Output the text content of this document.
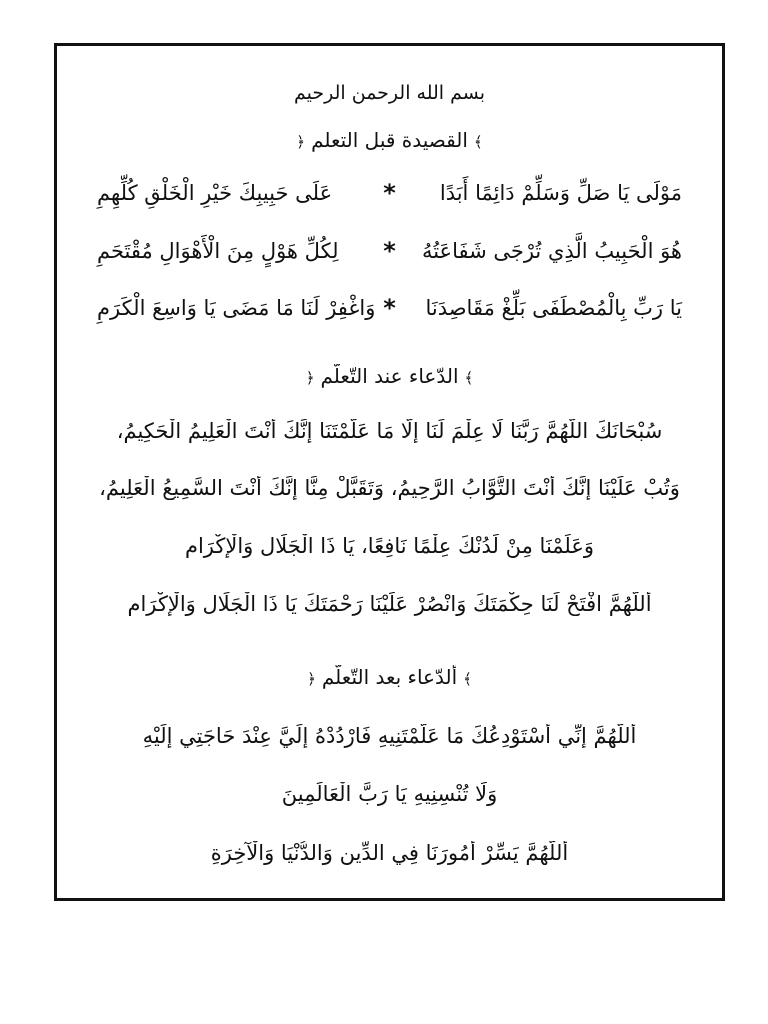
بسم الله الرحمن الرحيم
﴾القصيدة قبل التعلم﴿
مَوْلَى يَا صَلِّ وَسَلِّمْ دَائِمًا أَبَدًا
*
عَلَى حَبِيبِكَ خَيْرِ الْخَلْقِ كُلِّهِمِ
هُوَ الْحَبِيبُ الَّذِي تُرْجَى شَفَاعَتُهُ
*
لِكُلِّ هَوْلٍ مِنَ الْأَهْوَالِ مُقْتَحَمِ
يَا رَبِّ بِالْمُصْطَفَى بَلِّغْ مَقَاصِدَنَا
*
وَاغْفِرْ لَنَا مَا مَضَى يَا وَاسِعَ الْكَرَمِ
﴾الدّعاء عند التّعلّم﴿
سُبْحَانَكَ اللَّهُمَّ رَبَّنَا لَا عِلْمَ لَنَا إِلَّا مَا عَلَّمْتَنَا إِنَّكَ أَنْتَ الْعَلِيمُ الْحَكِيمُ،
وَتُبْ عَلَيْنَا إِنَّكَ أَنْتَ التَّوَّابُ الرَّحِيمُ، وَتَقَبَّلْ مِنَّا إِنَّكَ أَنْتَ السَّمِيعُ الْعَلِيمُ،
وَعَلِّمْنَا مِنْ لَدُنْكَ عِلْمًا نَافِعًا، يَا ذَا الْجَلَالِ وَالْإِكْرَامِ
أَللَّهُمَّ افْتَحْ لَنَا حِكْمَتَكَ وَانْصُرْ عَلَيْنَا رَحْمَتَكَ يَا ذَا الْجَلَالِ وَالْإِكْرَامِ
﴾ألدّعاء بعد التّعلّم﴿
أَللَّهُمَّ إِنِّي أَسْتَوْدِعُكَ مَا عَلَّمْتَنِيهِ فَارْدُدْهُ إِلَيَّ عِنْدَ حَاجَتِي إِلَيْهِ
وَلَا تُنْسِنِيهِ يَا رَبَّ الْعَالَمِينَ
أَللَّهُمَّ يَسِّرْ أُمُورَنَا فِي الدِّينِ وَالدُّنْيَا وَالْآخِرَةِ
